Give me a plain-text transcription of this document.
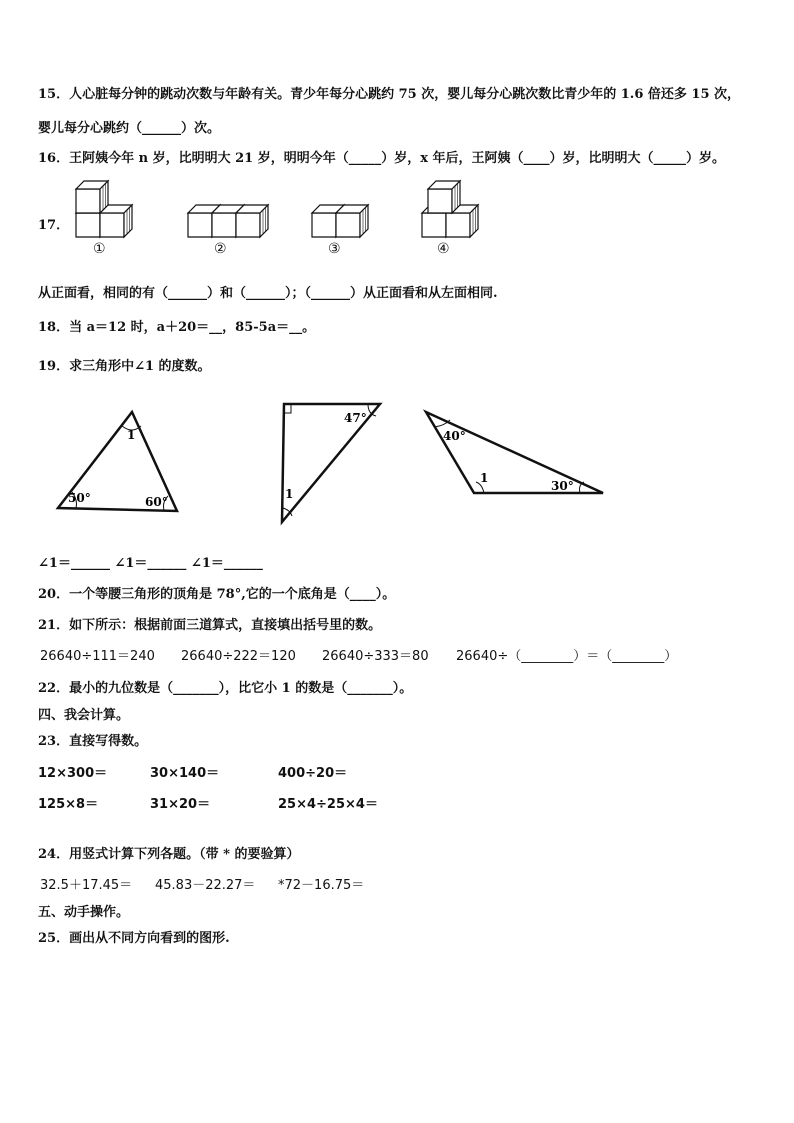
15．人心脏每分钟的跳动次数与年龄有关。青少年每分心跳约 75 次，婴儿每分心跳次数比青少年的 1.6 倍还多 15 次，
婴儿每分心跳约（______）次。
16．王阿姨今年 n 岁，比明明大 21 岁，明明今年（_____）岁，x 年后，王阿姨（____）岁，比明明大（_____）岁。
17．
①	②	③	④
从正面看，相同的有（______）和（______）；（______）从正面看和从左面相同.
18．当 a＝12 时，a＋20＝__，85-5a＝__。
19．求三角形中∠1 的度数。
1
50°	60°
47°
1
40°
1
30°
∠1＝______ ∠1＝______ ∠1＝______
20．一个等腰三角形的顶角是 78°,它的一个底角是（____）。
21．如下所示：根据前面三道算式，直接填出括号里的数。
26640÷111＝240 26640÷222＝120 26640÷333＝80 26640÷（________）＝（________）
22．最小的九位数是（_______），比它小 1 的数是（_______）。
四、我会计算。
23．直接写得数。
12×300＝	30×140＝	400÷20＝
125×8＝	31×20＝	25×4÷25×4＝
24．用竖式计算下列各题。（带 * 的要验算）
32.5＋17.45＝ 45.83－22.27＝ *72－16.75＝
五、动手操作。
25．画出从不同方向看到的图形.
